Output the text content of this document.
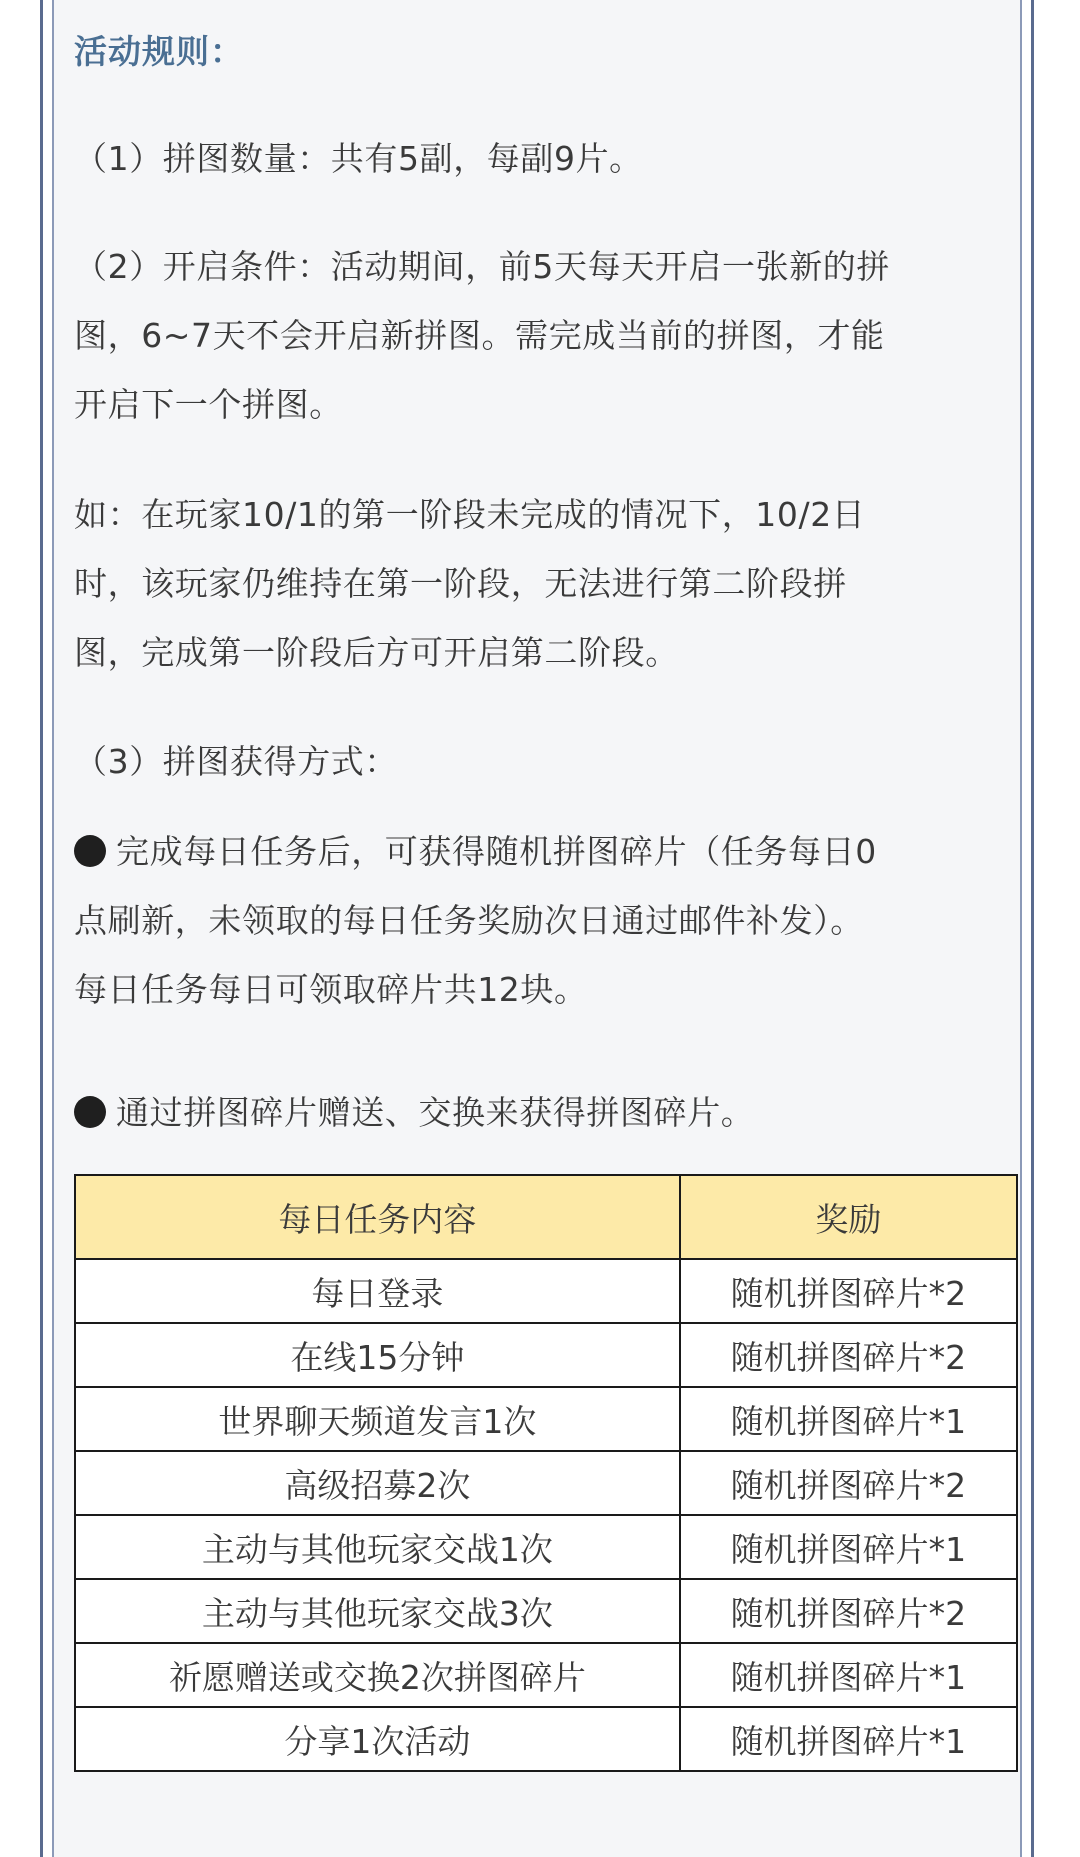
活动规则：
（1）拼图数量：共有5副，每副9片。
（2）开启条件：活动期间，前5天每天开启一张新的拼
图，6~7天不会开启新拼图。需完成当前的拼图，才能
开启下一个拼图。
如：在玩家10/1的第一阶段未完成的情况下，10/2日
时，该玩家仍维持在第一阶段，无法进行第二阶段拼
图，完成第一阶段后方可开启第二阶段。
（3）拼图获得方式：
完成每日任务后，可获得随机拼图碎片（任务每日0
点刷新，未领取的每日任务奖励次日通过邮件补发）。
每日任务每日可领取碎片共12块。
通过拼图碎片赠送、交换来获得拼图碎片。
每日任务内容	奖励
每日登录	随机拼图碎片*2
在线15分钟	随机拼图碎片*2
世界聊天频道发言1次	随机拼图碎片*1
高级招募2次	随机拼图碎片*2
主动与其他玩家交战1次	随机拼图碎片*1
主动与其他玩家交战3次	随机拼图碎片*2
祈愿赠送或交换2次拼图碎片	随机拼图碎片*1
分享1次活动	随机拼图碎片*1
